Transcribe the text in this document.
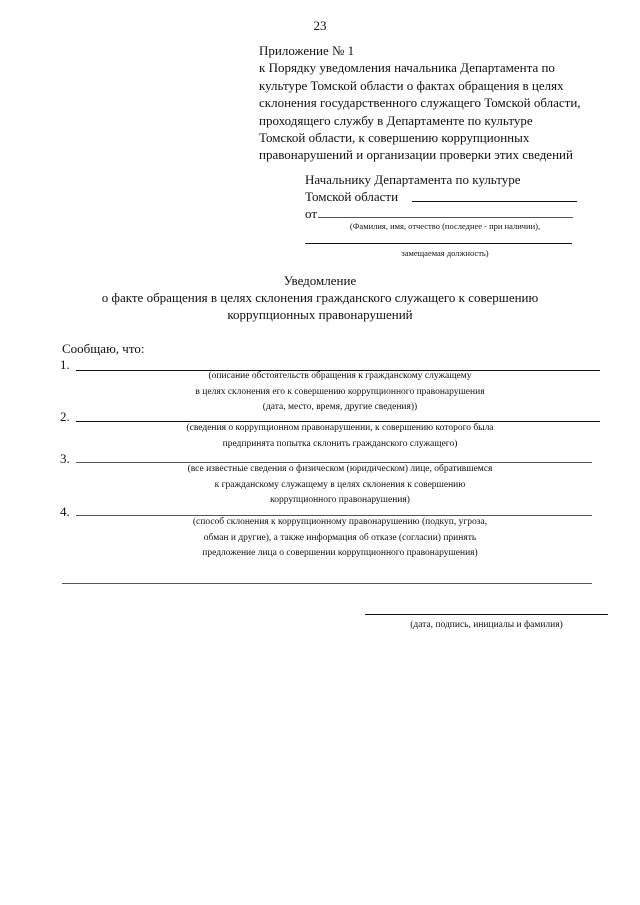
23
Приложение № 1
к Порядку уведомления начальника Департамента по
культуре Томской области о фактах обращения в целях
склонения государственного служащего Томской области,
проходящего службу в Департаменте по культуре
Томской области, к совершению коррупционных
правонарушений и организации проверки этих сведений
Начальнику Департамента по культуре
Томской области
от
(Фамилия, имя, отчество (последнее - при наличии),
замещаемая должность)
Уведомление
о факте обращения в целях склонения гражданского служащего к совершению
коррупционных правонарушений
Сообщаю, что:
1.
(описание обстоятельств обращения к гражданскому служащему
в целях склонения его к совершению коррупционного правонарушения
(дата, место, время, другие сведения))
2.
(сведения о коррупционном правонарушении, к совершению которого была
предпринята попытка склонить гражданского служащего)
3.
(все известные сведения о физическом (юридическом) лице, обратившемся
к гражданскому служащему в целях склонения к совершению
коррупционного правонарушения)
4.
(способ склонения к коррупционному правонарушению (подкуп, угроза,
обман и другие), а также информация об отказе (согласии) принять
предложение лица о совершении коррупционного правонарушения)
(дата, подпись, инициалы и фамилия)
